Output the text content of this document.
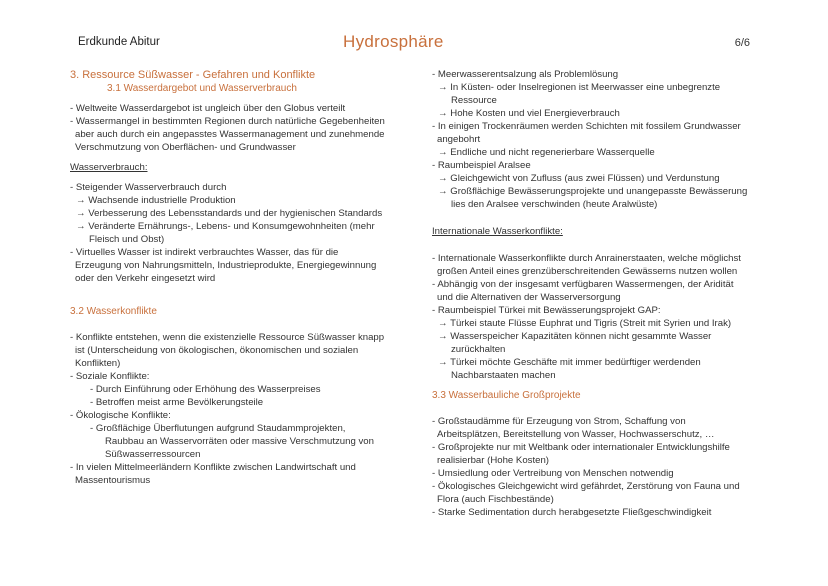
Erdkunde Abitur	Hydrosphäre	6/6
3. Ressource Süßwasser - Gefahren und Konflikte
3.1 Wasserdargebot und Wasserverbrauch
- Weltweite Wasserdargebot ist ungleich über den Globus verteilt
- Wassermangel in bestimmten Regionen durch natürliche Gegebenheiten
aber auch durch ein angepasstes Wassermanagement und zunehmende
Verschmutzung von Oberflächen- und Grundwasser
Wasserverbrauch:
- Steigender Wasserverbrauch durch
→ Wachsende industrielle Produktion
→ Verbesserung des Lebensstandards und der hygienischen Standards
→ Veränderte Ernährungs-, Lebens- und Konsumgewohnheiten (mehr
Fleisch und Obst)
- Virtuelles Wasser ist indirekt verbrauchtes Wasser, das für die
Erzeugung von Nahrungsmitteln, Industrieprodukte, Energiegewinnung
oder den Verkehr eingesetzt wird
3.2 Wasserkonflikte
- Konflikte entstehen, wenn die existenzielle Ressource Süßwasser knapp
ist (Unterscheidung von ökologischen, ökonomischen und sozialen
Konflikten)
- Soziale Konflikte:
- Durch Einführung oder Erhöhung des Wasserpreises
- Betroffen meist arme Bevölkerungsteile
- Ökologische Konflikte:
- Großflächige Überflutungen aufgrund Staudammprojekten,
Raubbau an Wasservorräten oder massive Verschmutzung von
Süßwasserressourcen
- In vielen Mittelmeerländern Konflikte zwischen Landwirtschaft und
Massentourismus
- Meerwasserentsalzung als Problemlösung
→ In Küsten- oder Inselregionen ist Meerwasser eine unbegrenzte
Ressource
→ Hohe Kosten und viel Energieverbrauch
- In einigen Trockenräumen werden Schichten mit fossilem Grundwasser
angebohrt
→ Endliche und nicht regenerierbare Wasserquelle
- Raumbeispiel Aralsee
→ Gleichgewicht von Zufluss (aus zwei Flüssen) und Verdunstung
→ Großflächige Bewässerungsprojekte und unangepasste Bewässerung
lies den Aralsee verschwinden (heute Aralwüste)
Internationale Wasserkonflikte:
- Internationale Wasserkonflikte durch Anrainerstaaten, welche möglichst
großen Anteil eines grenzüberschreitenden Gewässerns nutzen wollen
- Abhängig von der insgesamt verfügbaren Wassermengen, der Aridität
und die Alternativen der Wasserversorgung
- Raumbeispiel Türkei mit Bewässerungsprojekt GAP:
→ Türkei staute Flüsse Euphrat und Tigris (Streit mit Syrien und Irak)
→ Wasserspeicher Kapazitäten können nicht gesammte Wasser
zurückhalten
→ Türkei möchte Geschäfte mit immer bedürftiger werdenden
Nachbarstaaten machen
3.3 Wasserbauliche Großprojekte
- Großstaudämme für Erzeugung von Strom, Schaffung von
Arbeitsplätzen, Bereitstellung von Wasser, Hochwasserschutz, …
- Großprojekte nur mit Weltbank oder internationaler Entwicklungshilfe
realisierbar (Hohe Kosten)
- Umsiedlung oder Vertreibung von Menschen notwendig
- Ökologisches Gleichgewicht wird gefährdet, Zerstörung von Fauna und
Flora (auch Fischbestände)
- Starke Sedimentation durch herabgesetzte Fließgeschwindigkeit
